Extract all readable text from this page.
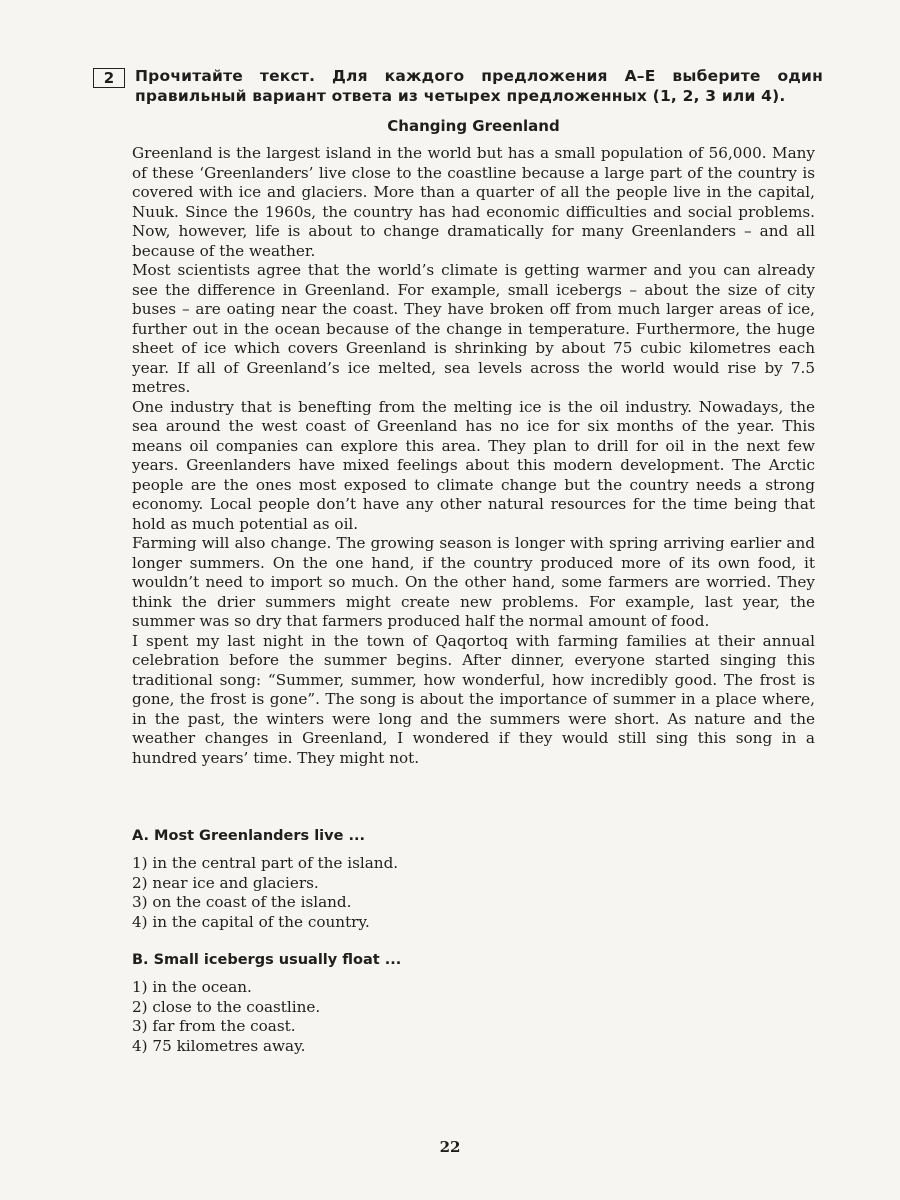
2	Прочитайте текст. Для каждого предложения A–E выберите один правильный вариант ответа из четырех предложенных (1, 2, 3 или 4).
Changing Greenland

Greenland is the largest island in the world but has a small population of 56,000. Many of these ‘Greenlanders’ live close to the coastline because a large part of the country is covered with ice and glaciers. More than a quarter of all the people live in the capital, Nuuk. Since the 1960s, the country has had economic difficulties and social problems. Now, however, life is about to change dramatically for many Greenlanders – and all because of the weather.

Most scientists agree that the world’s climate is getting warmer and you can already see the difference in Greenland. For example, small icebergs – about the size of city buses – are oating near the coast. They have broken off from much larger areas of ice, further out in the ocean because of the change in temperature. Furthermore, the huge sheet of ice which covers Greenland is shrinking by about 75 cubic kilometres each year. If all of Greenland’s ice melted, sea levels across the world would rise by 7.5 metres.

One industry that is benefting from the melting ice is the oil industry. Nowadays, the sea around the west coast of Greenland has no ice for six months of the year. This means oil companies can explore this area. They plan to drill for oil in the next few years. Greenlanders have mixed feelings about this modern development. The Arctic people are the ones most exposed to climate change but the country needs a strong economy. Local people don’t have any other natural resources for the time being that hold as much potential as oil.

Farming will also change. The growing season is longer with spring arriving earlier and longer summers. On the one hand, if the country produced more of its own food, it wouldn’t need to import so much. On the other hand, some farmers are worried. They think the drier summers might create new problems. For example, last year, the summer was so dry that farmers produced half the normal amount of food.

I spent my last night in the town of Qaqortoq with farming families at their annual celebration before the summer begins. After dinner, everyone started singing this traditional song: “Summer, summer, how wonderful, how incredibly good. The frost is gone, the frost is gone”. The song is about the importance of summer in a place where, in the past, the winters were long and the summers were short. As nature and the weather changes in Greenland, I wondered if they would still sing this song in a hundred years’ time. They might not.

A. Most Greenlanders live ...

1) in the central part of the island.

2) near ice and glaciers.

3) on the coast of the island.

4) in the capital of the country.

B. Small icebergs usually float ...

1) in the ocean.

2) close to the coastline.

3) far from the coast.

4) 75 kilometres away.

22
